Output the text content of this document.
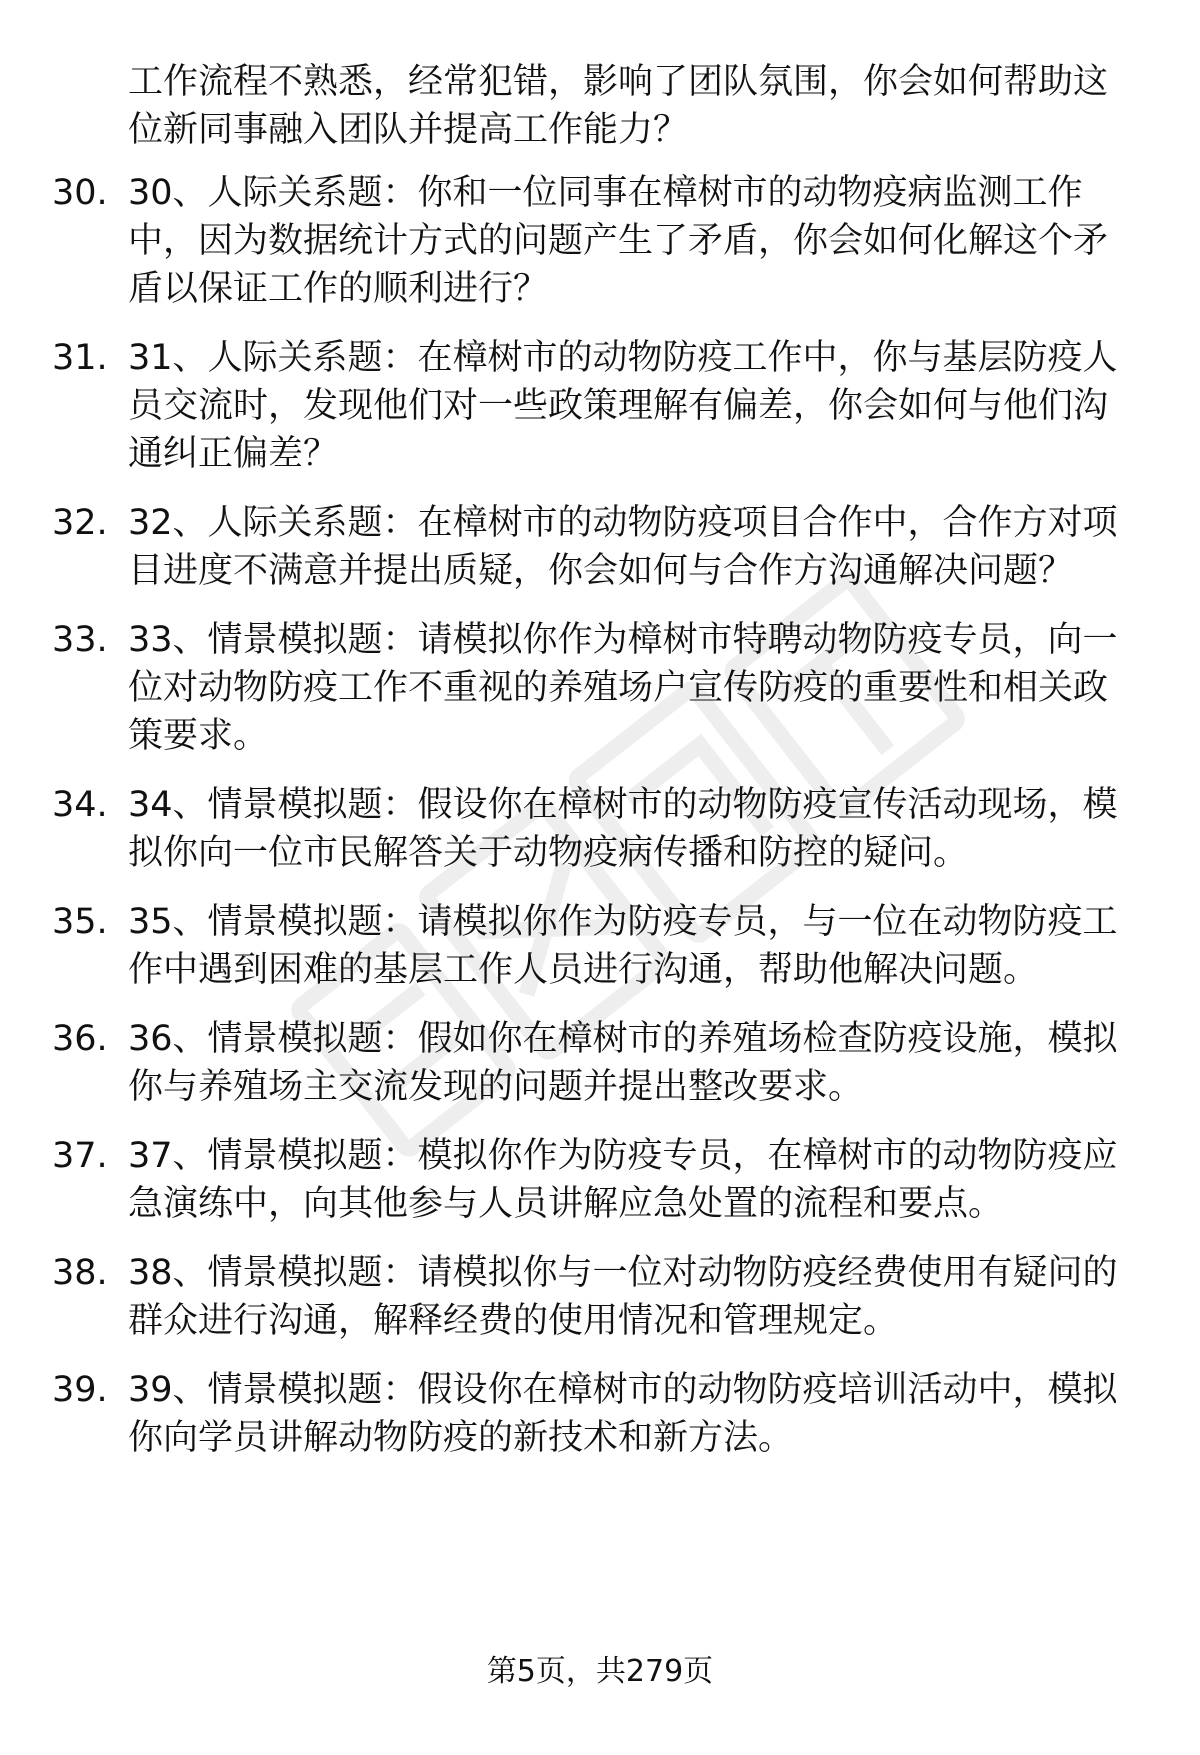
工作流程不熟悉，经常犯错，影响了团队氛围，你会如何帮助这位新同事融入团队并提高工作能力？

30. 30、人际关系题：你和一位同事在樟树市的动物疫病监测工作中，因为数据统计方式的问题产生了矛盾，你会如何化解这个矛盾以保证工作的顺利进行？
31. 31、人际关系题：在樟树市的动物防疫工作中，你与基层防疫人员交流时，发现他们对一些政策理解有偏差，你会如何与他们沟通纠正偏差？
32. 32、人际关系题：在樟树市的动物防疫项目合作中，合作方对项目进度不满意并提出质疑，你会如何与合作方沟通解决问题？
33. 33、情景模拟题：请模拟你作为樟树市特聘动物防疫专员，向一位对动物防疫工作不重视的养殖场户宣传防疫的重要性和相关政策要求。
34. 34、情景模拟题：假设你在樟树市的动物防疫宣传活动现场，模拟你向一位市民解答关于动物疫病传播和防控的疑问。
35. 35、情景模拟题：请模拟你作为防疫专员，与一位在动物防疫工作中遇到困难的基层工作人员进行沟通，帮助他解决问题。
36. 36、情景模拟题：假如你在樟树市的养殖场检查防疫设施，模拟你与养殖场主交流发现的问题并提出整改要求。
37. 37、情景模拟题：模拟你作为防疫专员，在樟树市的动物防疫应急演练中，向其他参与人员讲解应急处置的流程和要点。
38. 38、情景模拟题：请模拟你与一位对动物防疫经费使用有疑问的群众进行沟通，解释经费的使用情况和管理规定。
39. 39、情景模拟题：假设你在樟树市的动物防疫培训活动中，模拟你向学员讲解动物防疫的新技术和新方法。
第5页，共279页
